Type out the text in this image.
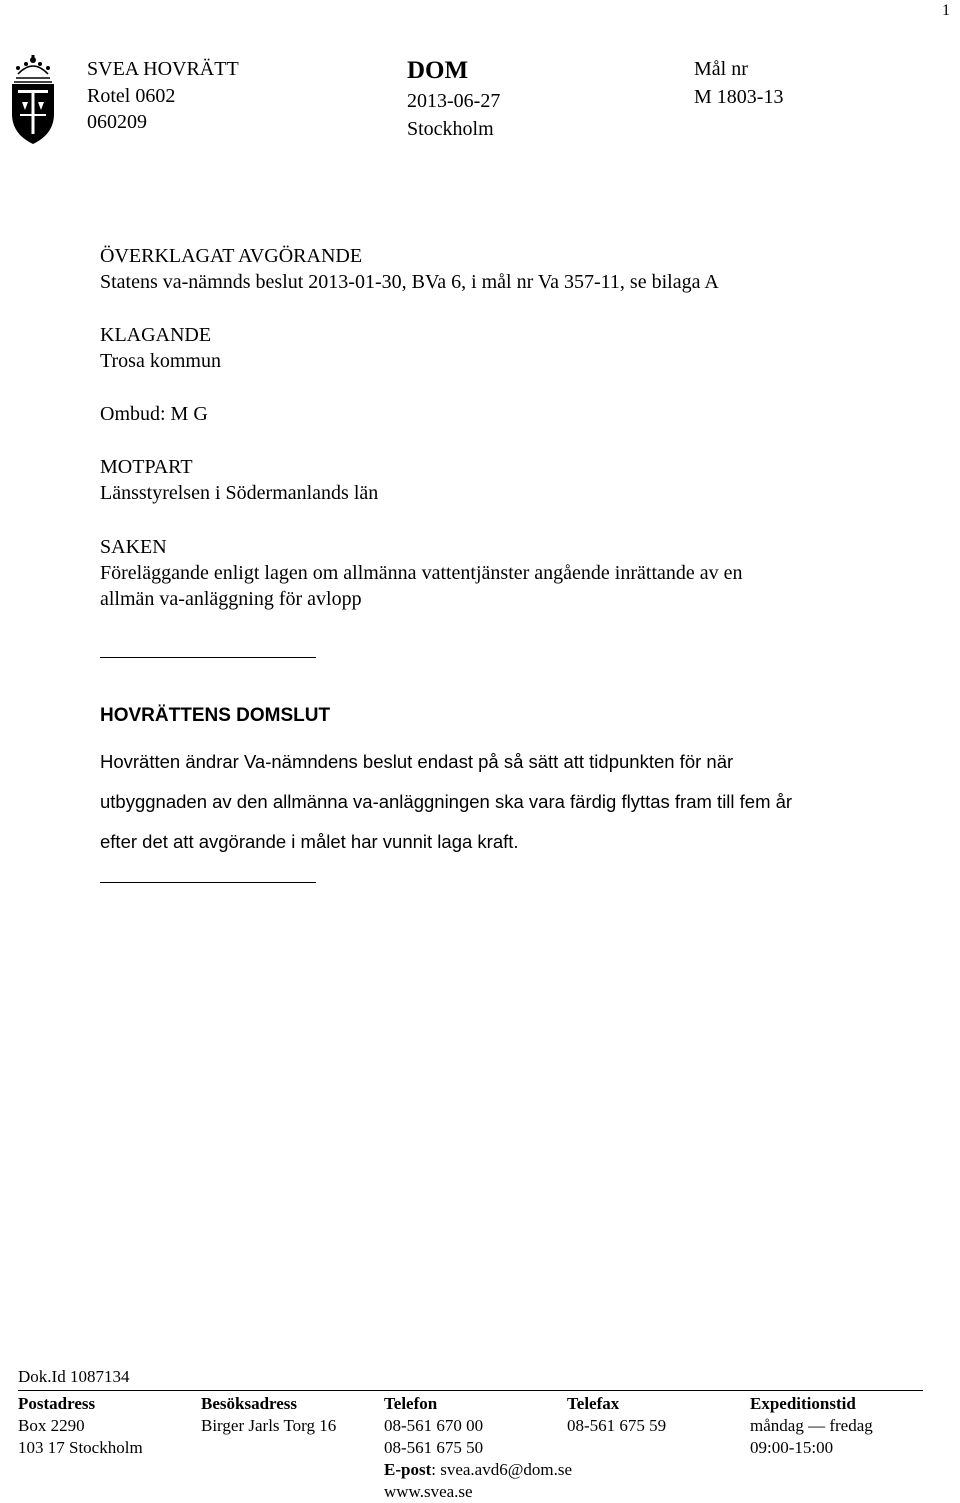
1
SVEA HOVRÄTT
Rotel 0602
060209
DOM
2013-06-27
Stockholm
Mål nr
M 1803-13
ÖVERKLAGAT AVGÖRANDE
Statens va-nämnds beslut 2013-01-30, BVa 6, i mål nr Va 357-11, se bilaga A
KLAGANDE
Trosa kommun
Ombud: M G
MOTPART
Länsstyrelsen i Södermanlands län
SAKEN
Föreläggande enligt lagen om allmänna vattentjänster angående inrättande av en
allmän va-anläggning för avlopp
HOVRÄTTENS DOMSLUT
Hovrätten ändrar Va-nämndens beslut endast på så sätt att tidpunkten för när
utbyggnaden av den allmänna va-anläggningen ska vara färdig flyttas fram till fem år
efter det att avgörande i målet har vunnit laga kraft.
Dok.Id 1087134
Postadress
Box 2290
103 17 Stockholm
Besöksadress
Birger Jarls Torg 16
Telefon
08-561 670 00
08-561 675 50
E-post: svea.avd6@dom.se
www.svea.se
Telefax
08-561 675 59
Expeditionstid
måndag — fredag
09:00-15:00
